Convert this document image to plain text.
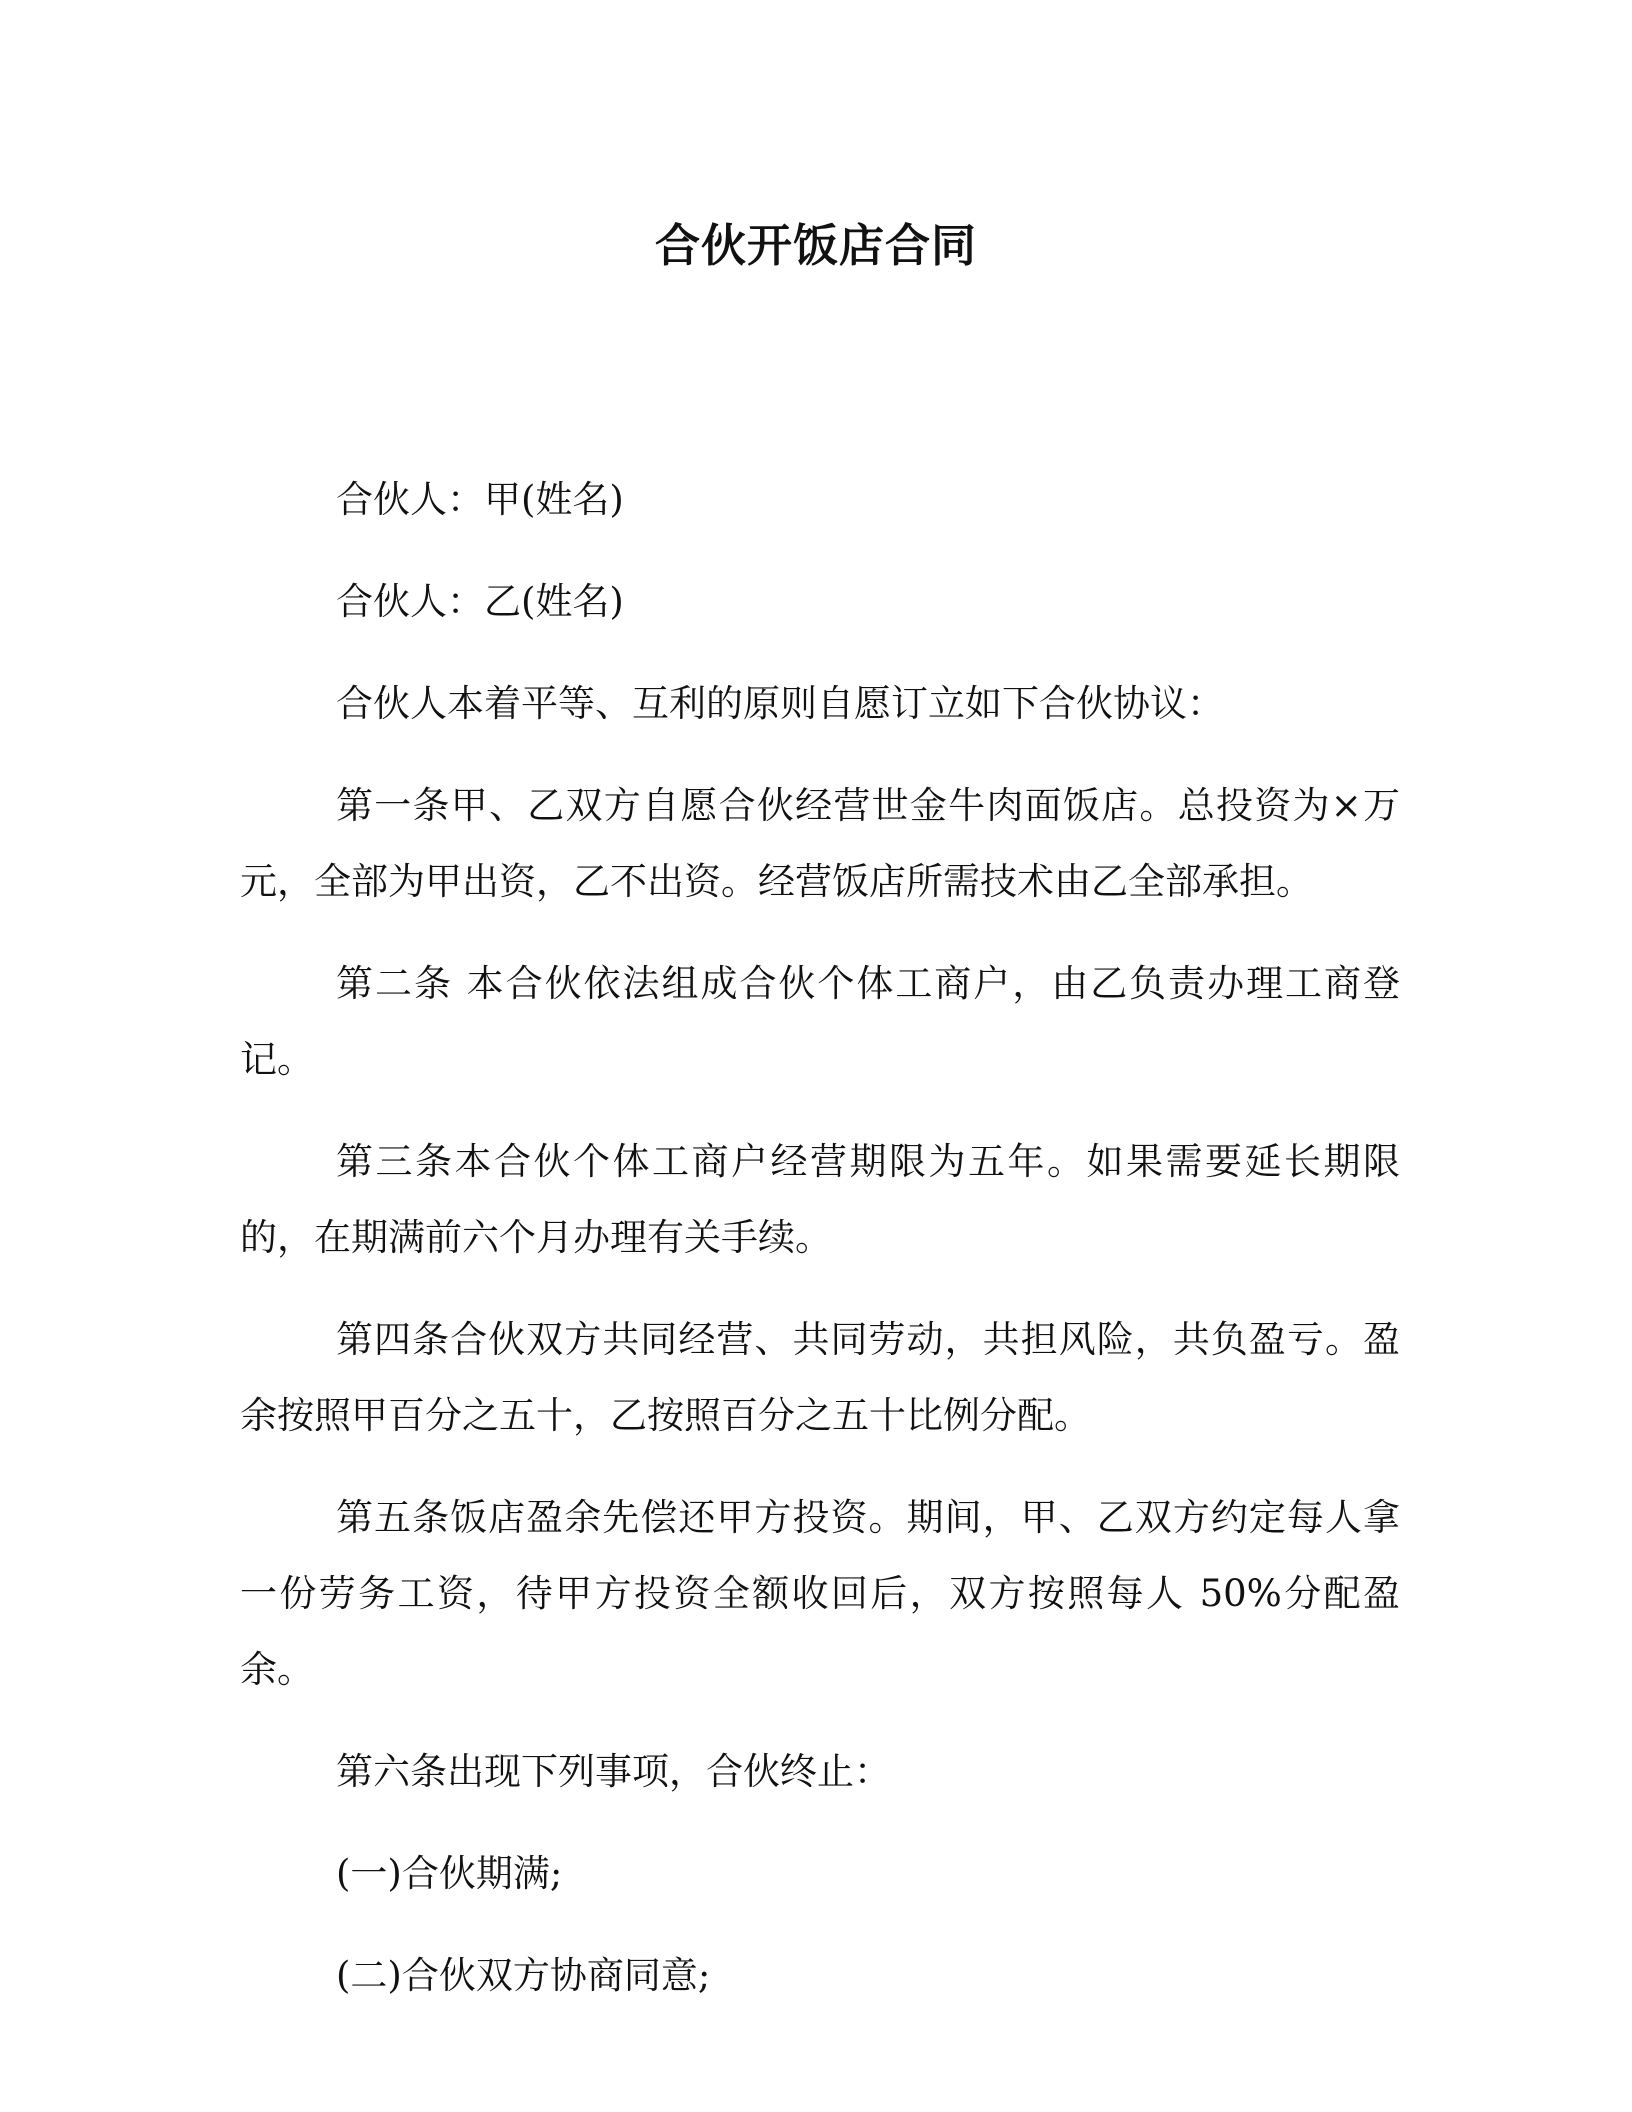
合伙开饭店合同

合伙人：甲(姓名)

合伙人：乙(姓名)

合伙人本着平等、互利的原则自愿订立如下合伙协议：

第一条甲、乙双方自愿合伙经营世金牛肉面饭店。总投资为×万元，全部为甲出资，乙不出资。经营饭店所需技术由乙全部承担。

第二条 本合伙依法组成合伙个体工商户，由乙负责办理工商登记。

第三条本合伙个体工商户经营期限为五年。如果需要延长期限的，在期满前六个月办理有关手续。

第四条合伙双方共同经营、共同劳动，共担风险，共负盈亏。盈余按照甲百分之五十，乙按照百分之五十比例分配。

第五条饭店盈余先偿还甲方投资。期间，甲、乙双方约定每人拿一份劳务工资，待甲方投资全额收回后，双方按照每人 50%分配盈余。

第六条出现下列事项，合伙终止：

(一)合伙期满;

(二)合伙双方协商同意;
